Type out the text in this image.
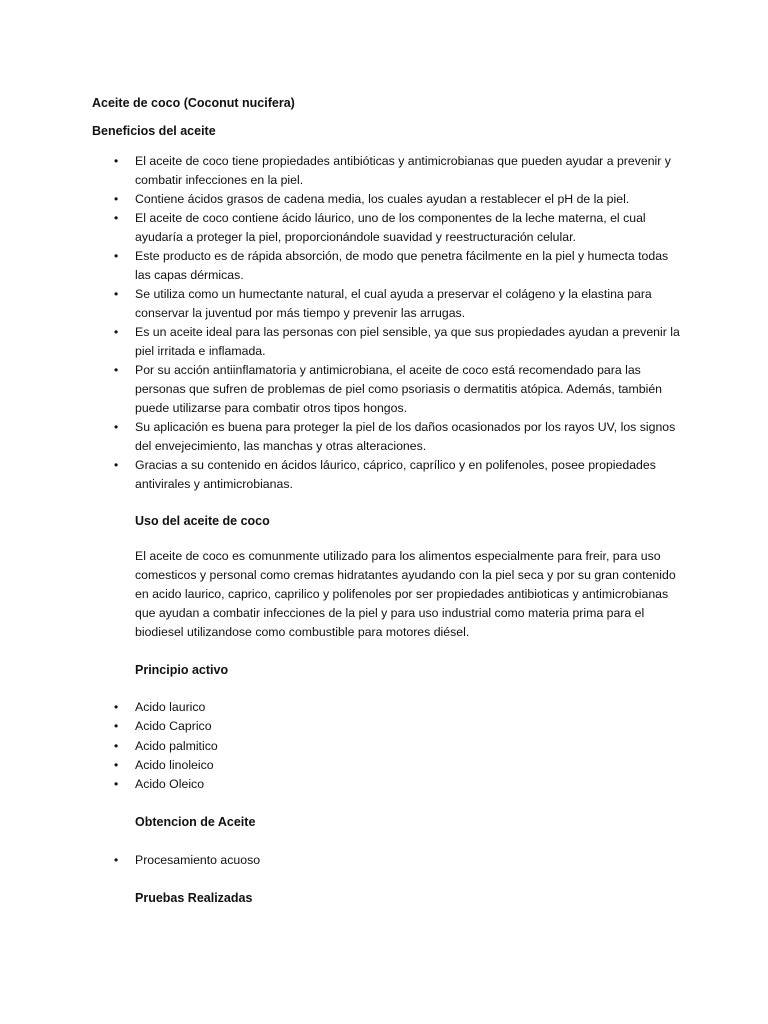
Aceite de coco (Coconut nucifera)

Beneficios del aceite

• El aceite de coco tiene propiedades antibióticas y antimicrobianas que pueden ayudar a prevenir y combatir infecciones en la piel.
• Contiene ácidos grasos de cadena media, los cuales ayudan a restablecer el pH de la piel.
• El aceite de coco contiene ácido láurico, uno de los componentes de la leche materna, el cual ayudaría a proteger la piel, proporcionándole suavidad y reestructuración celular.
• Este producto es de rápida absorción, de modo que penetra fácilmente en la piel y humecta todas las capas dérmicas.
• Se utiliza como un humectante natural, el cual ayuda a preservar el colágeno y la elastina para conservar la juventud por más tiempo y prevenir las arrugas.
• Es un aceite ideal para las personas con piel sensible, ya que sus propiedades ayudan a prevenir la piel irritada e inflamada.
• Por su acción antiinflamatoria y antimicrobiana, el aceite de coco está recomendado para las personas que sufren de problemas de piel como psoriasis o dermatitis atópica. Además, también puede utilizarse para combatir otros tipos hongos.
• Su aplicación es buena para proteger la piel de los daños ocasionados por los rayos UV, los signos del envejecimiento, las manchas y otras alteraciones.
• Gracias a su contenido en ácidos láurico, cáprico, caprílico y en polifenoles, posee propiedades antivirales y antimicrobianas.

Uso del aceite de coco

El aceite de coco es comunmente utilizado para los alimentos especialmente para freir, para uso comesticos y personal como cremas hidratantes ayudando con la piel seca y por su gran contenido en acido laurico, caprico, caprilico y polifenoles por ser propiedades antibioticas y antimicrobianas que ayudan a combatir infecciones de la piel y para uso industrial como materia prima para el biodiesel utilizandose como combustible para motores diésel.

Principio activo

• Acido laurico
• Acido Caprico
• Acido palmitico
• Acido linoleico
• Acido Oleico

Obtencion de Aceite

• Procesamiento acuoso

Pruebas Realizadas
